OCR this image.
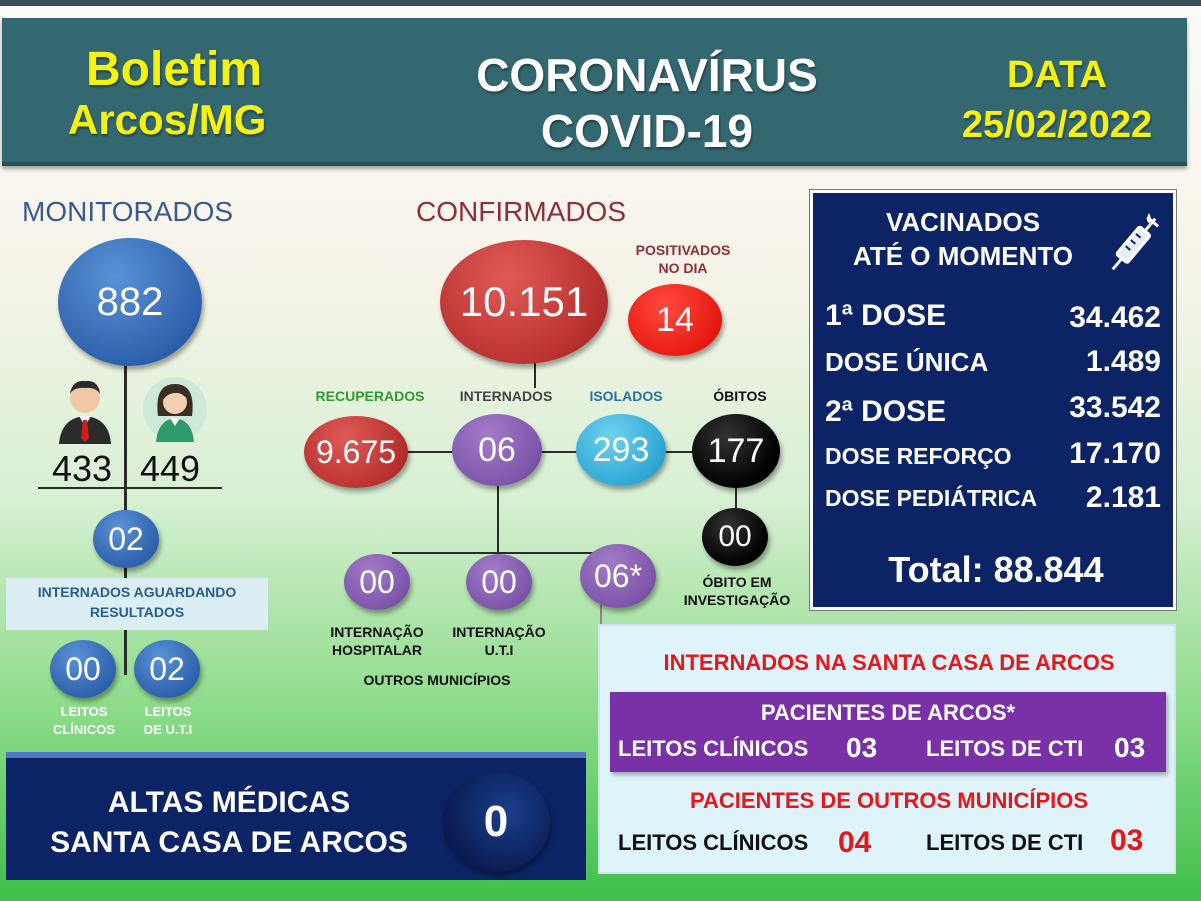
Boletim
Arcos/MG
CORONAVÍRUS
COVID-19
DATA
25/02/2022
MONITORADOS
882
433 449
02
INTERNADOS AGUARDANDO
RESULTADOS
00 02
LEITOS
CLÍNICOS
LEITOS
DE U.T.I
CONFIRMADOS
10.151
POSITIVADOS
NO DIA
14
RECUPERADOS	INTERNADOS	ISOLADOS	ÓBITOS
9.675 06 293 177
00
ÓBITO EM
INVESTIGAÇÃO
00	00 06*
INTERNAÇÃO
HOSPITALAR
INTERNAÇÃO
U.T.I
OUTROS MUNICÍPIOS
VACINADOS
ATÉ O MOMENTO
1ª DOSE	34.462
DOSE ÚNICA	1.489
2ª DOSE	33.542
DOSE REFORÇO 17.170
DOSE PEDIÁTRICA 2.181
Total: 88.844
INTERNADOS NA SANTA CASA DE ARCOS
PACIENTES DE ARCOS*
LEITOS CLÍNICOS 03 LEITOS DE CTI 03
PACIENTES DE OUTROS MUNICÍPIOS
LEITOS CLÍNICOS 04 LEITOS DE CTI 03
ALTAS MÉDICAS
SANTA CASA DE ARCOS	0
